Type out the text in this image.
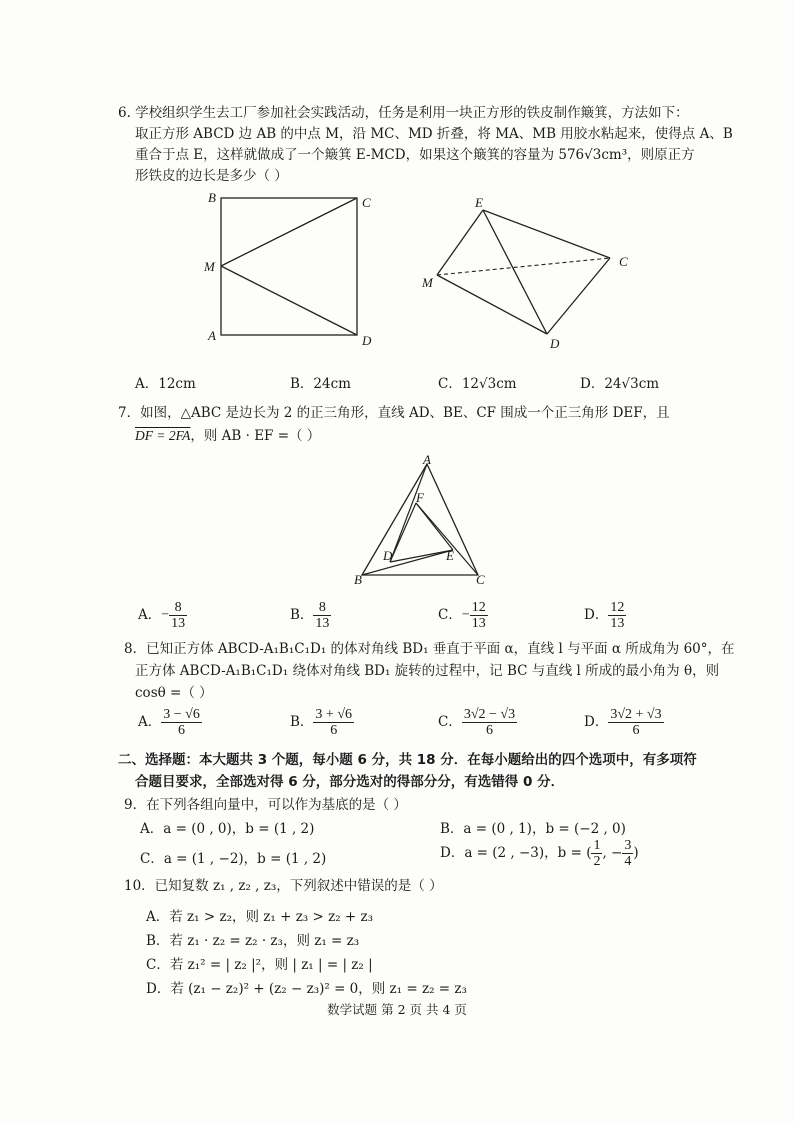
6. 学校组织学生去工厂参加社会实践活动，任务是利用一块正方形的铁皮制作簸箕，方法如下：
取正方形 ABCD 边 AB 的中点 M，沿 MC、MD 折叠，将 MA、MB 用胶水粘起来，使得点 A、B
重合于点 E，这样就做成了一个簸箕 E-MCD，如果这个簸箕的容量为 576√3cm³，则原正方
形铁皮的边长是多少（ ）
B	C
M
A	D
E
C
M
D
A．12cm	B．24cm	C．12√3cm	D．24√3cm
7．如图，△ABC 是边长为 2 的正三角形，直线 AD、BE、CF 围成一个正三角形 DEF，且
DF = 2FA，则 AB · EF =（ ）
A
F
D	E
B	C
A．− $\frac{8}{13}$	B． $\frac{8}{13}$	C．− $\frac{12}{13}$	D． $\frac{12}{13}$
8．已知正方体 ABCD-A₁B₁C₁D₁ 的体对角线 BD₁ 垂直于平面 α，直线 l 与平面 α 所成角为 60°，在
正方体 ABCD-A₁B₁C₁D₁ 绕体对角线 BD₁ 旋转的过程中，记 BC 与直线 l 所成的最小角为 θ，则
cosθ =（ ）
A． $\frac{3 - √6}{6}$	B． $\frac{3 + √6}{6}$	C． $\frac{3√2 - √3}{6}$	D． $\frac{3√2 + √3}{6}$
二、选择题：本大题共 3 个题，每小题 6 分，共 18 分．在每小题给出的四个选项中，有多项符
合题目要求，全部选对得 6 分，部分选对的得部分分，有选错得 0 分．
9．在下列各组向量中，可以作为基底的是（ ）
A．a = (0 , 0)，b = (1 , 2)	B．a = (0 , 1)，b = (−2 , 0)
C．a = (1 , −2)，b = (1 , 2)	D．a = (2 , −3)，b = ( $\frac{1}{2}$ , − $\frac{3}{4}$ )
10．已知复数 z₁ , z₂ , z₃，下列叙述中错误的是（ ）
A．若 z₁ > z₂，则 z₁ + z₃ > z₂ + z₃
B．若 z₁ · z₂ = z₂ · z₃，则 z₁ = z₃
C．若 z₁² = | z₂ |²，则 | z₁ | = | z₂ |
D．若 (z₁ − z₂)² + (z₂ − z₃)² = 0，则 z₁ = z₂ = z₃
数学试题 第 2 页 共 4 页
